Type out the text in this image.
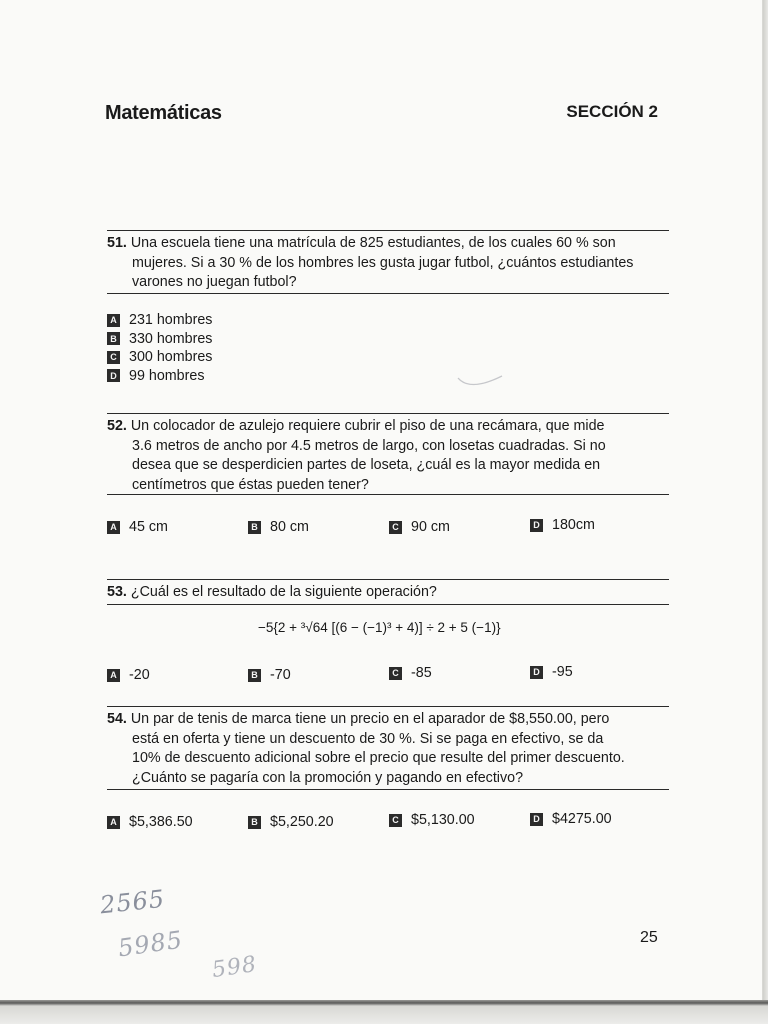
Matemáticas	SECCIÓN 2
51. Una escuela tiene una matrícula de 825 estudiantes, de los cuales 60 % son
mujeres. Si a 30 % de los hombres les gusta jugar futbol, ¿cuántos estudiantes
varones no juegan futbol?
A 231 hombres
B 330 hombres
C 300 hombres
D 99 hombres
52. Un colocador de azulejo requiere cubrir el piso de una recámara, que mide
3.6 metros de ancho por 4.5 metros de largo, con losetas cuadradas. Si no
desea que se desperdicien partes de loseta, ¿cuál es la mayor medida en
centímetros que éstas pueden tener?
A 45 cm	B 80 cm	C 90 cm	D 180cm
53. ¿Cuál es el resultado de la siguiente operación?
−5{2 + ³√64 [(6 − (−1)³ + 4)] ÷ 2 + 5 (−1)}
A -20	B -70	C -85	D -95
54. Un par de tenis de marca tiene un precio en el aparador de $8,550.00, pero
está en oferta y tiene un descuento de 30 %. Si se paga en efectivo, se da
10% de descuento adicional sobre el precio que resulte del primer descuento.
¿Cuánto se pagaría con la promoción y pagando en efectivo?
A $5,386.50	B $5,250.20	C $5,130.00	D $4275.00
2565
5985
598
25
